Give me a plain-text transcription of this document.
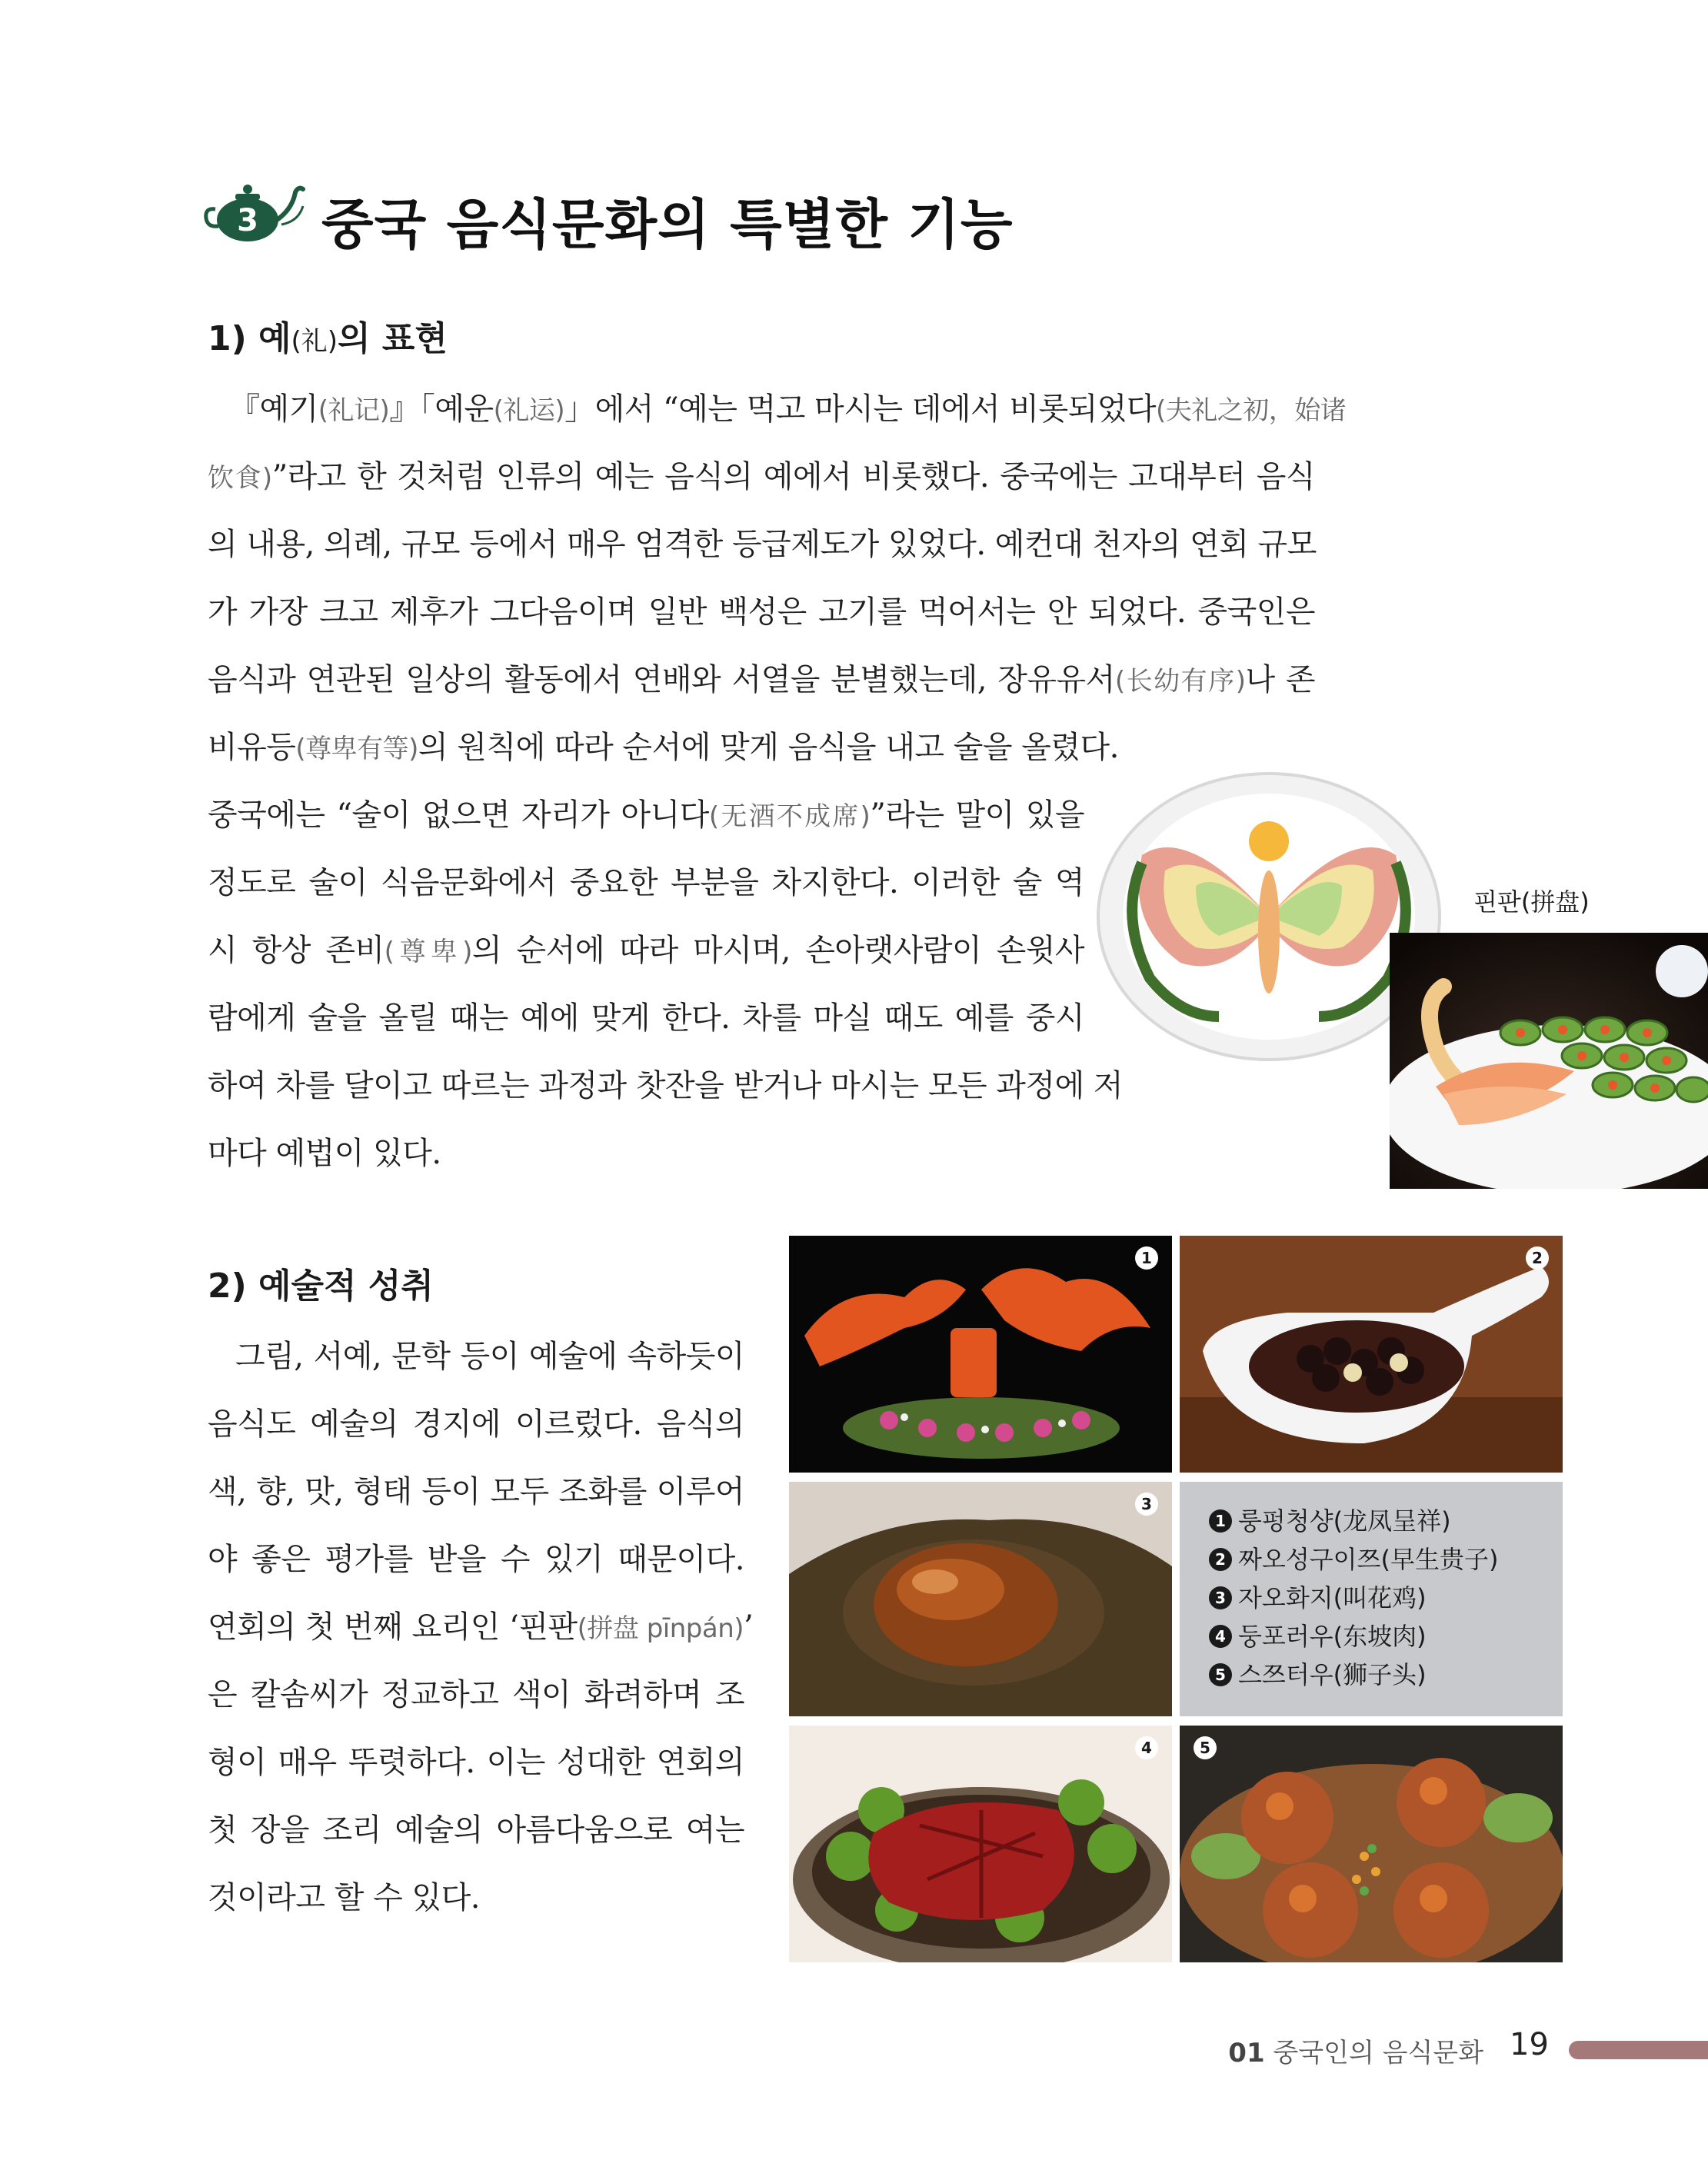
3 중국 음식문화의 특별한 기능
1) 예(礼)의 표현
『예기(礼记)』「예운(礼运)」에서 “예는 먹고 마시는 데에서 비롯되었다(夫礼之初，始诸
饮食)”라고 한 것처럼 인류의 예는 음식의 예에서 비롯했다. 중국에는 고대부터 음식
의 내용, 의례, 규모 등에서 매우 엄격한 등급제도가 있었다. 예컨대 천자의 연회 규모
가 가장 크고 제후가 그다음이며 일반 백성은 고기를 먹어서는 안 되었다. 중국인은
음식과 연관된 일상의 활동에서 연배와 서열을 분별했는데, 장유유서(长幼有序)나 존
비유등(尊卑有等)의 원칙에 따라 순서에 맞게 음식을 내고 술을 올렸다.
중국에는 “술이 없으면 자리가 아니다(无酒不成席)”라는 말이 있을
정도로 술이 식음문화에서 중요한 부분을 차지한다. 이러한 술 역
시 항상 존비(尊卑)의 순서에 따라 마시며, 손아랫사람이 손윗사
람에게 술을 올릴 때는 예에 맞게 한다. 차를 마실 때도 예를 중시
하여 차를 달이고 따르는 과정과 찻잔을 받거나 마시는 모든 과정에 저
마다 예법이 있다.
2) 예술적 성취
그림, 서예, 문학 등이 예술에 속하듯이
음식도 예술의 경지에 이르렀다. 음식의
색, 향, 맛, 형태 등이 모두 조화를 이루어
야 좋은 평가를 받을 수 있기 때문이다.
연회의 첫 번째 요리인 ‘핀판(拼盘 pīnpán)’
은 칼솜씨가 정교하고 색이 화려하며 조
형이 매우 뚜렷하다. 이는 성대한 연회의
첫 장을 조리 예술의 아름다움으로 여는
것이라고 할 수 있다.
핀판(拼盘)
1	2
3
1 룽펑청샹(龙凤呈祥)
2 짜오성구이쯔(早生贵子)
3 자오화지(叫花鸡)
4 둥포러우(东坡肉)
5 스쯔터우(狮子头)
4	5
01 중국인의 음식문화 19
